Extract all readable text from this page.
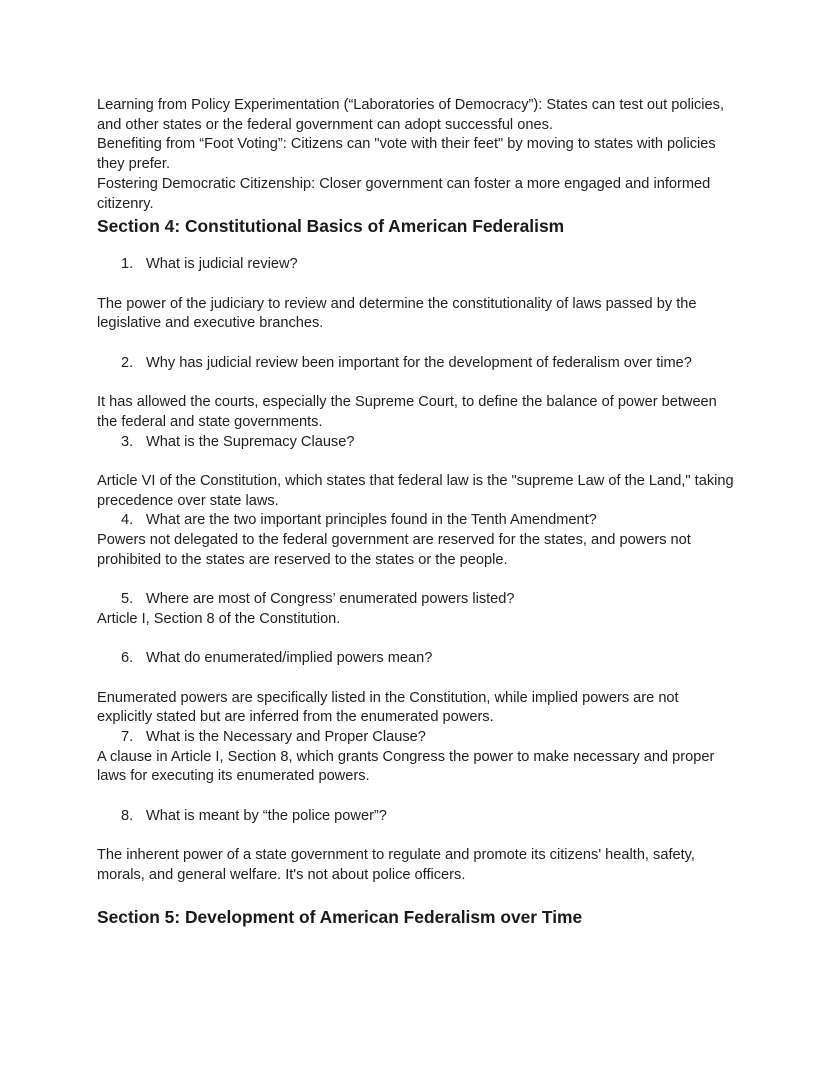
Learning from Policy Experimentation (“Laboratories of Democracy”): States can test out policies, and other states or the federal government can adopt successful ones.

Benefiting from “Foot Voting”: Citizens can "vote with their feet" by moving to states with policies they prefer.

Fostering Democratic Citizenship: Closer government can foster a more engaged and informed citizenry.

Section 4: Constitutional Basics of American Federalism
1. What is judicial review?

The power of the judiciary to review and determine the constitutionality of laws passed by the legislative and executive branches.

2. Why has judicial review been important for the development of federalism over time?

It has allowed the courts, especially the Supreme Court, to define the balance of power between the federal and state governments.

3. What is the Supremacy Clause?

Article VI of the Constitution, which states that federal law is the "supreme Law of the Land," taking precedence over state laws.

4. What are the two important principles found in the Tenth Amendment?

Powers not delegated to the federal government are reserved for the states, and powers not prohibited to the states are reserved to the states or the people.

5. Where are most of Congress’ enumerated powers listed?

Article I, Section 8 of the Constitution.

6. What do enumerated/implied powers mean?

Enumerated powers are specifically listed in the Constitution, while implied powers are not explicitly stated but are inferred from the enumerated powers.

7. What is the Necessary and Proper Clause?

A clause in Article I, Section 8, which grants Congress the power to make necessary and proper laws for executing its enumerated powers.

8. What is meant by “the police power”?

The inherent power of a state government to regulate and promote its citizens' health, safety, morals, and general welfare. It's not about police officers.

Section 5: Development of American Federalism over Time
